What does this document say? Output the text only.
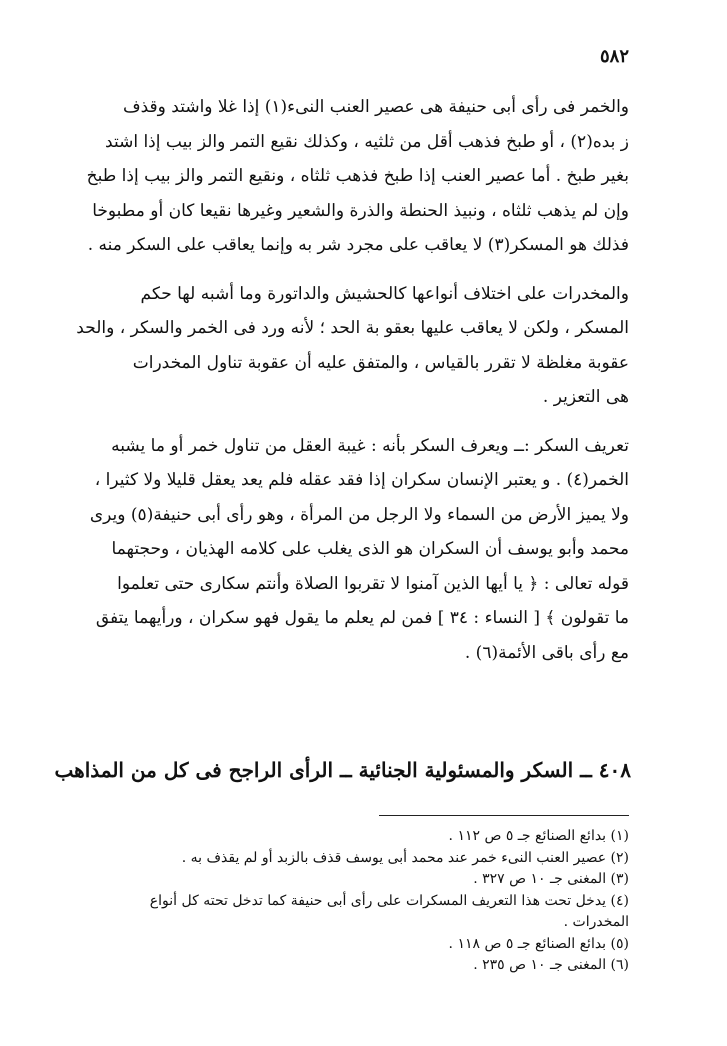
٥٨٢
والخمر فى رأى أبى حنيفة هى عصير العنب النىء(١) إذا غلا واشتد وقذف
ز بده(٢) ، أو طبخ فذهب أقل من ثلثيه ، وكذلك نقيع التمر والز بيب إذا اشتد
بغير طبخ . أما عصير العنب إذا طبخ فذهب ثلثاه ، ونقيع التمر والز بيب إذا طبخ
وإن لم يذهب ثلثاه ، ونبيذ الحنطة والذرة والشعير وغيرها نقيعا كان أو مطبوخا
فذلك هو المسكر(٣) لا يعاقب على مجرد شر به وإنما يعاقب على السكر منه .
والمخدرات على اختلاف أنواعها كالحشيش والداتورة وما أشبه لها حكم
المسكر ، ولكن لا يعاقب عليها بعقو بة الحد ؛ لأنه ورد فى الخمر والسكر ، والحد
عقوبة مغلظة لا تقرر بالقياس ، والمتفق عليه أن عقوبة تناول المخدرات
هى التعزير .
تعريف السكر :ــ ويعرف السكر بأنه : غيبة العقل من تناول خمر أو ما يشبه
الخمر(٤) . و يعتبر الإنسان سكران إذا فقد عقله فلم يعد يعقل قليلا ولا كثيرا ،
ولا يميز الأرض من السماء ولا الرجل من المرأة ، وهو رأى أبى حنيفة(٥) ويرى
محمد وأبو يوسف أن السكران هو الذى يغلب على كلامه الهذيان ، وحجتهما
قوله تعالى : ﴿ يا أيها الذين آمنوا لا تقربوا الصلاة وأنتم سكارى حتى تعلموا
ما تقولون ﴾ [ النساء : ٣٤ ] فمن لم يعلم ما يقول فهو سكران ، ورأيهما يتفق
مع رأى باقى الأئمة(٦) .
٤٠٨ ــ السكر والمسئولية الجنائية ــ الرأى الراجح فى كل من المذاهب
(١) بدائع الصنائع جـ ٥ ص ١١٢ .
(٢) عصير العنب النىء خمر عند محمد أبى يوسف قذف بالزبد أو لم يقذف به .
(٣) المغنى جـ ١٠ ص ٣٢٧ .
(٤) يدخل تحت هذا التعريف المسكرات على رأى أبى حنيفة كما تدخل تحته كل أنواع
المخدرات .
(٥) بدائع الصنائع جـ ٥ ص ١١٨ .
(٦) المغنى جـ ١٠ ص ٢٣٥ .
